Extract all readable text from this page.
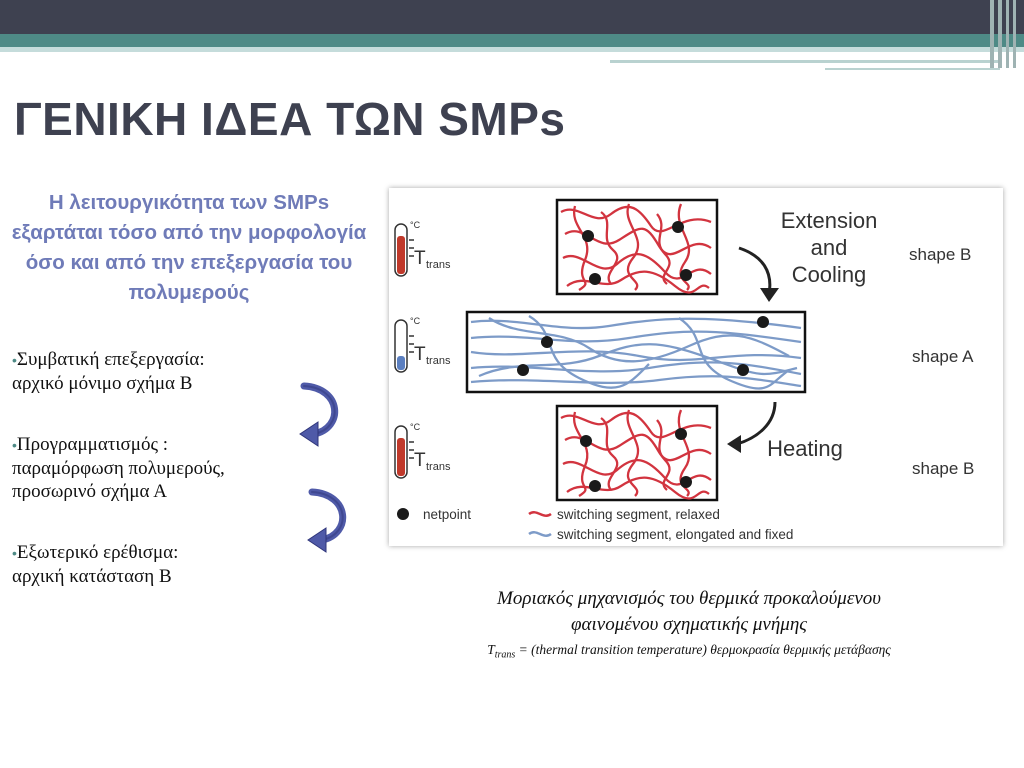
ΓΕΝΙΚΗ ΙΔΕΑ ΤΩΝ SMPs

Η λειτουργικότητα των SMPs εξαρτάται τόσο από την μορφολογία όσο και από την επεξεργασία του πολυμερούς

•Συμβατική επεξεργασία:
αρχικό μόνιμο σχήμα Β

•Προγραμματισμός :
παραμόρφωση πολυμερούς,
προσωρινό σχήμα Α

•Εξωτερικό ερέθισμα:
αρχική κατάσταση Β

°C
T trans
°C
T trans
°C
T trans
Extension
and
Cooling
Heating
shape B
shape A
shape B
netpoint	switching segment, relaxed
switching segment, elongated and fixed

Μοριακός μηχανισμός του θερμικά προκαλούμενου

φαινομένου σχηματικής μνήμης

$T_{trans}$ = (thermal transition temperature) θερμοκρασία θερμικής μετάβασης
